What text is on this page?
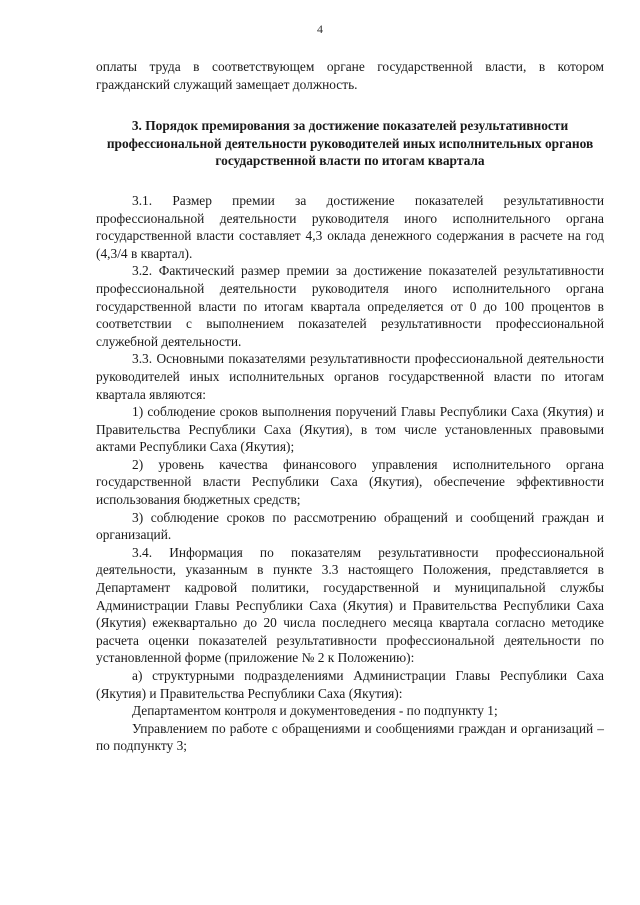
4

оплаты труда в соответствующем органе государственной власти, в котором гражданский служащий замещает должность.

3. Порядок премирования за достижение показателей результативности профессиональной деятельности руководителей иных исполнительных органов государственной власти по итогам квартала

3.1. Размер премии за достижение показателей результативности профессиональной деятельности руководителя иного исполнительного органа государственной власти составляет 4,3 оклада денежного содержания в расчете на год (4,3/4 в квартал).

3.2. Фактический размер премии за достижение показателей результативности профессиональной деятельности руководителя иного исполнительного органа государственной власти по итогам квартала определяется от 0 до 100 процентов в соответствии с выполнением показателей результативности профессиональной служебной деятельности.

3.3. Основными показателями результативности профессиональной деятельности руководителей иных исполнительных органов государственной власти по итогам квартала являются:

1) соблюдение сроков выполнения поручений Главы Республики Саха (Якутия) и Правительства Республики Саха (Якутия), в том числе установленных правовыми актами Республики Саха (Якутия);

2) уровень качества финансового управления исполнительного органа государственной власти Республики Саха (Якутия), обеспечение эффективности использования бюджетных средств;

3) соблюдение сроков по рассмотрению обращений и сообщений граждан и организаций.

3.4. Информация по показателям результативности профессиональной деятельности, указанным в пункте 3.3 настоящего Положения, представляется в Департамент кадровой политики, государственной и муниципальной службы Администрации Главы Республики Саха (Якутия) и Правительства Республики Саха (Якутия) ежеквартально до 20 числа последнего месяца квартала согласно методике расчета оценки показателей результативности профессиональной деятельности по установленной форме (приложение № 2 к Положению):

а) структурными подразделениями Администрации Главы Республики Саха (Якутия) и Правительства Республики Саха (Якутия):

Департаментом контроля и документоведения - по подпункту 1;

Управлением по работе с обращениями и сообщениями граждан и организаций – по подпункту 3;
